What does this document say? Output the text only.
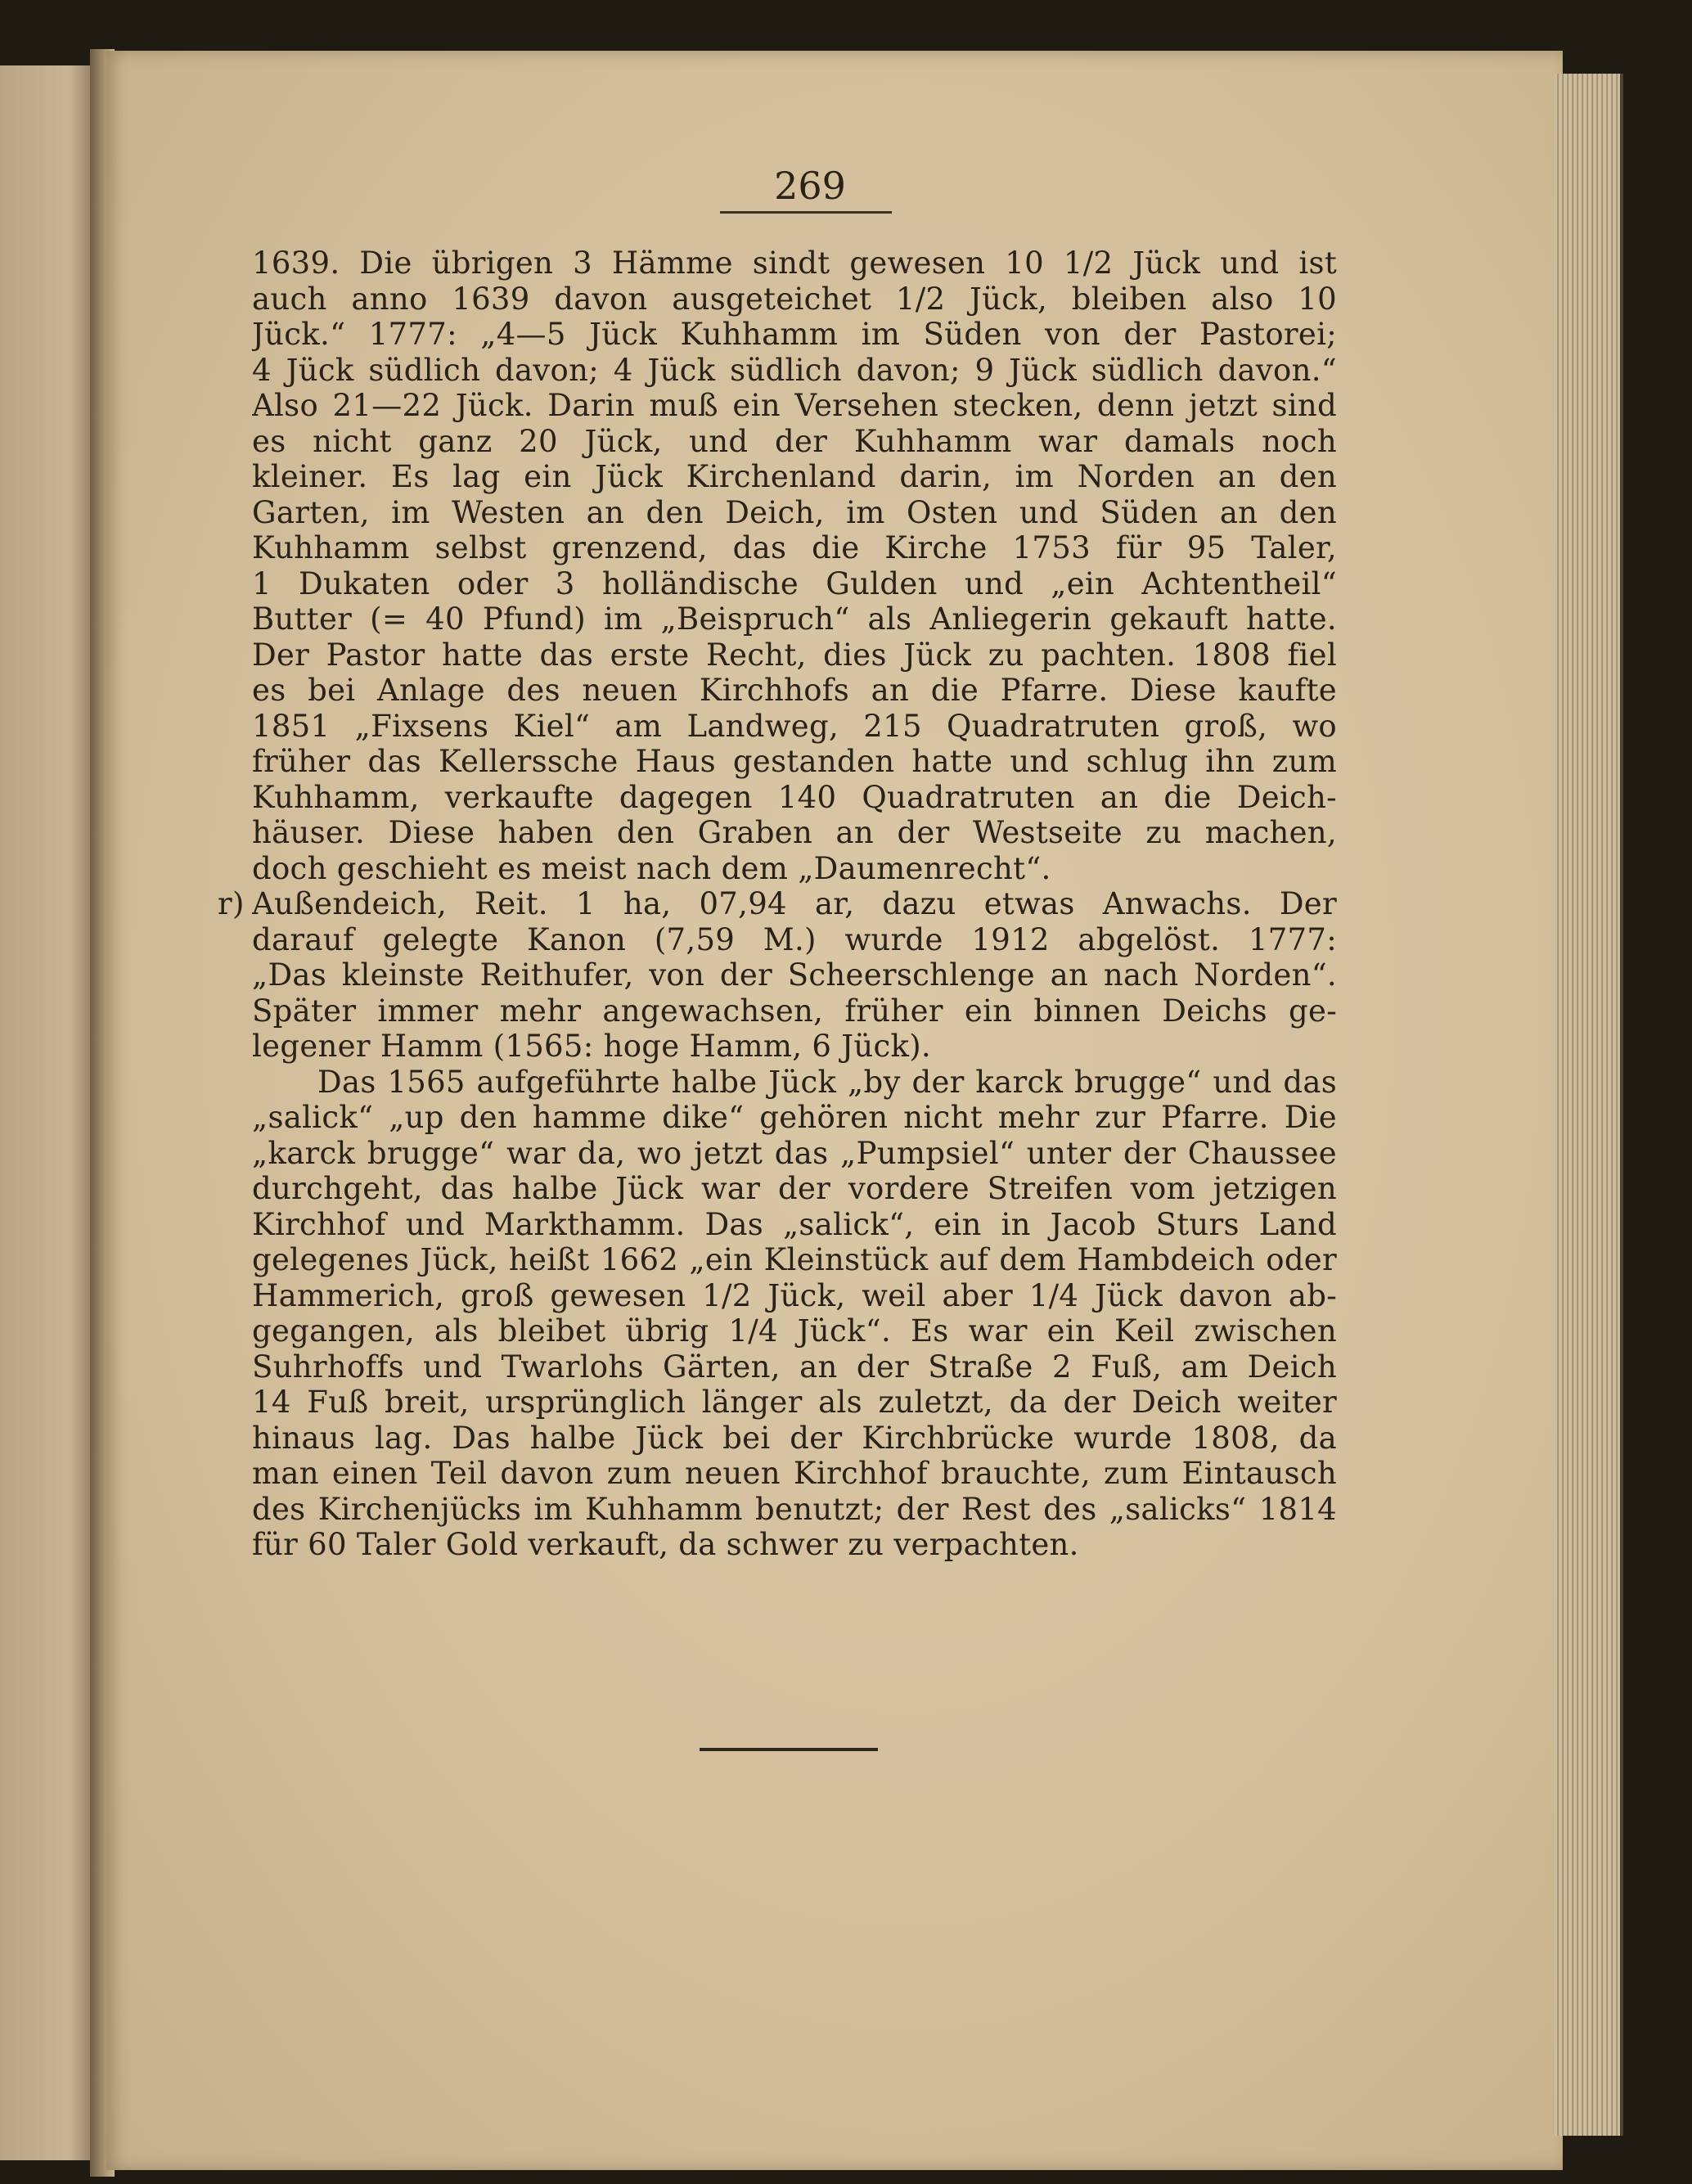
269

1639. Die übrigen 3 Hämme sindt gewesen 10 1/2 Jück und ist
auch anno 1639 davon ausgeteichet 1/2 Jück, bleiben also 10
Jück.“ 1777: „4—5 Jück Kuhhamm im Süden von der Pastorei;
4 Jück südlich davon; 4 Jück südlich davon; 9 Jück südlich davon.“
Also 21—22 Jück. Darin muß ein Versehen stecken, denn jetzt sind
es nicht ganz 20 Jück, und der Kuhhamm war damals noch
kleiner. Es lag ein Jück Kirchenland darin, im Norden an den
Garten, im Westen an den Deich, im Osten und Süden an den
Kuhhamm selbst grenzend, das die Kirche 1753 für 95 Taler,
1 Dukaten oder 3 holländische Gulden und „ein Achtentheil“
Butter (= 40 Pfund) im „Beispruch“ als Anliegerin gekauft hatte.
Der Pastor hatte das erste Recht, dies Jück zu pachten. 1808 fiel
es bei Anlage des neuen Kirchhofs an die Pfarre. Diese kaufte
1851 „Fixsens Kiel“ am Landweg, 215 Quadratruten groß, wo
früher das Kellerssche Haus gestanden hatte und schlug ihn zum
Kuhhamm, verkaufte dagegen 140 Quadratruten an die Deich-
häuser. Diese haben den Graben an der Westseite zu machen,
doch geschieht es meist nach dem „Daumenrecht“.

r) Außendeich, Reit. 1 ha, 07,94 ar, dazu etwas Anwachs. Der
darauf gelegte Kanon (7,59 M.) wurde 1912 abgelöst. 1777:
„Das kleinste Reithufer, von der Scheerschlenge an nach Norden“.
Später immer mehr angewachsen, früher ein binnen Deichs ge-
legener Hamm (1565: hoge Hamm, 6 Jück).

Das 1565 aufgeführte halbe Jück „by der karck brugge“ und das
„salick“ „up den hamme dike“ gehören nicht mehr zur Pfarre. Die
„karck brugge“ war da, wo jetzt das „Pumpsiel“ unter der Chaussee
durchgeht, das halbe Jück war der vordere Streifen vom jetzigen
Kirchhof und Markthamm. Das „salick“, ein in Jacob Sturs Land
gelegenes Jück, heißt 1662 „ein Kleinstück auf dem Hambdeich oder
Hammerich, groß gewesen 1/2 Jück, weil aber 1/4 Jück davon ab-
gegangen, als bleibet übrig 1/4 Jück“. Es war ein Keil zwischen
Suhrhoffs und Twarlohs Gärten, an der Straße 2 Fuß, am Deich
14 Fuß breit, ursprünglich länger als zuletzt, da der Deich weiter
hinaus lag. Das halbe Jück bei der Kirchbrücke wurde 1808, da
man einen Teil davon zum neuen Kirchhof brauchte, zum Eintausch
des Kirchenjücks im Kuhhamm benutzt; der Rest des „salicks“ 1814
für 60 Taler Gold verkauft, da schwer zu verpachten.
